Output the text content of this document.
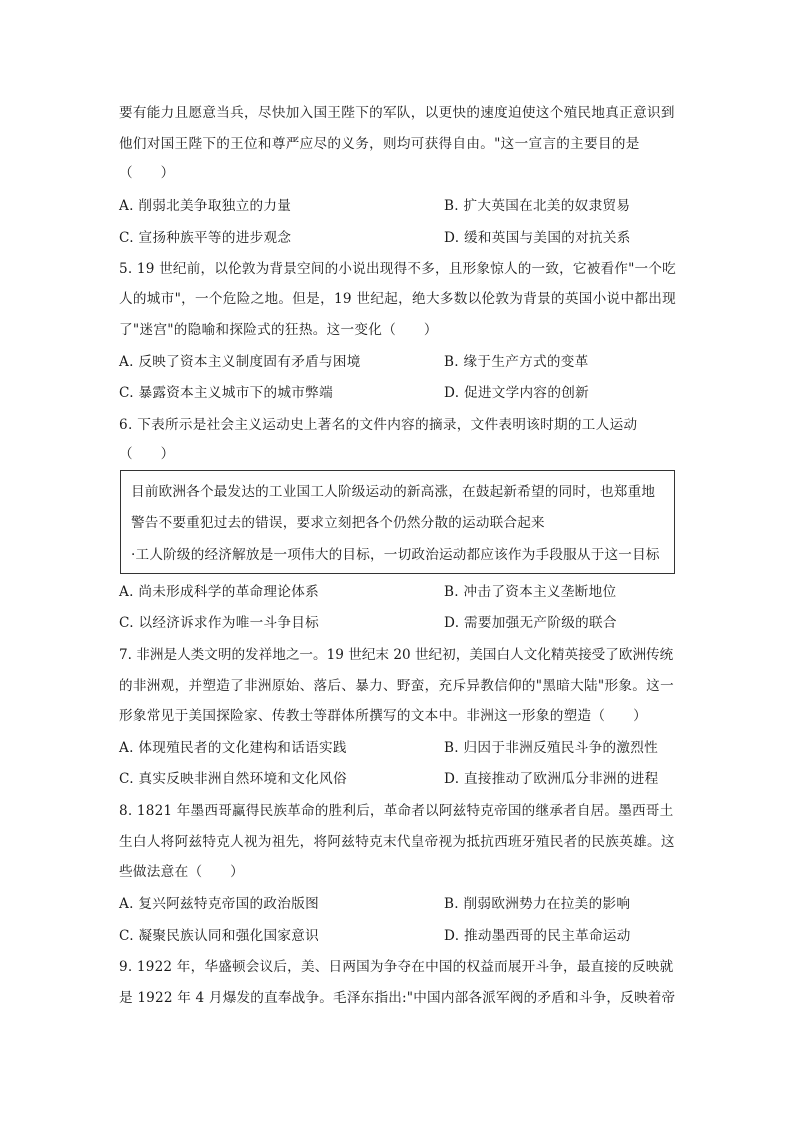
要有能力且愿意当兵，尽快加入国王陛下的军队，以更快的速度迫使这个殖民地真正意识到
他们对国王陛下的王位和尊严应尽的义务，则均可获得自由。"这一宣言的主要目的是
（　　）
A. 削弱北美争取独立的力量	B. 扩大英国在北美的奴隶贸易
C. 宣扬种族平等的进步观念	D. 缓和英国与美国的对抗关系
5. 19 世纪前，以伦敦为背景空间的小说出现得不多，且形象惊人的一致，它被看作"一个吃
人的城市"，一个危险之地。但是，19 世纪起，绝大多数以伦敦为背景的英国小说中都出现
了"迷宫"的隐喻和探险式的狂热。这一变化（　　）
A. 反映了资本主义制度固有矛盾与困境	B. 缘于生产方式的变革
C. 暴露资本主义城市下的城市弊端	D. 促进文学内容的创新
6. 下表所示是社会主义运动史上著名的文件内容的摘录，文件表明该时期的工人运动
（　　）
目前欧洲各个最发达的工业国工人阶级运动的新高涨，在鼓起新希望的同时，也郑重地
警告不要重犯过去的错误，要求立刻把各个仍然分散的运动联合起来
·工人阶级的经济解放是一项伟大的目标，一切政治运动都应该作为手段服从于这一目标
A. 尚未形成科学的革命理论体系	B. 冲击了资本主义垄断地位
C. 以经济诉求作为唯一斗争目标	D. 需要加强无产阶级的联合
7. 非洲是人类文明的发祥地之一。19 世纪末 20 世纪初，美国白人文化精英接受了欧洲传统
的非洲观，并塑造了非洲原始、落后、暴力、野蛮，充斥异教信仰的"黑暗大陆"形象。这一
形象常见于美国探险家、传教士等群体所撰写的文本中。非洲这一形象的塑造（　　）
A. 体现殖民者的文化建构和话语实践	B. 归因于非洲反殖民斗争的激烈性
C. 真实反映非洲自然环境和文化风俗	D. 直接推动了欧洲瓜分非洲的进程
8. 1821 年墨西哥赢得民族革命的胜利后，革命者以阿兹特克帝国的继承者自居。墨西哥土
生白人将阿兹特克人视为祖先，将阿兹特克末代皇帝视为抵抗西班牙殖民者的民族英雄。这
些做法意在（　　）
A. 复兴阿兹特克帝国的政治版图	B. 削弱欧洲势力在拉美的影响
C. 凝聚民族认同和强化国家意识	D. 推动墨西哥的民主革命运动
9. 1922 年，华盛顿会议后，美、日两国为争夺在中国的权益而展开斗争，最直接的反映就
是 1922 年 4 月爆发的直奉战争。毛泽东指出:"中国内部各派军阀的矛盾和斗争，反映着帝
